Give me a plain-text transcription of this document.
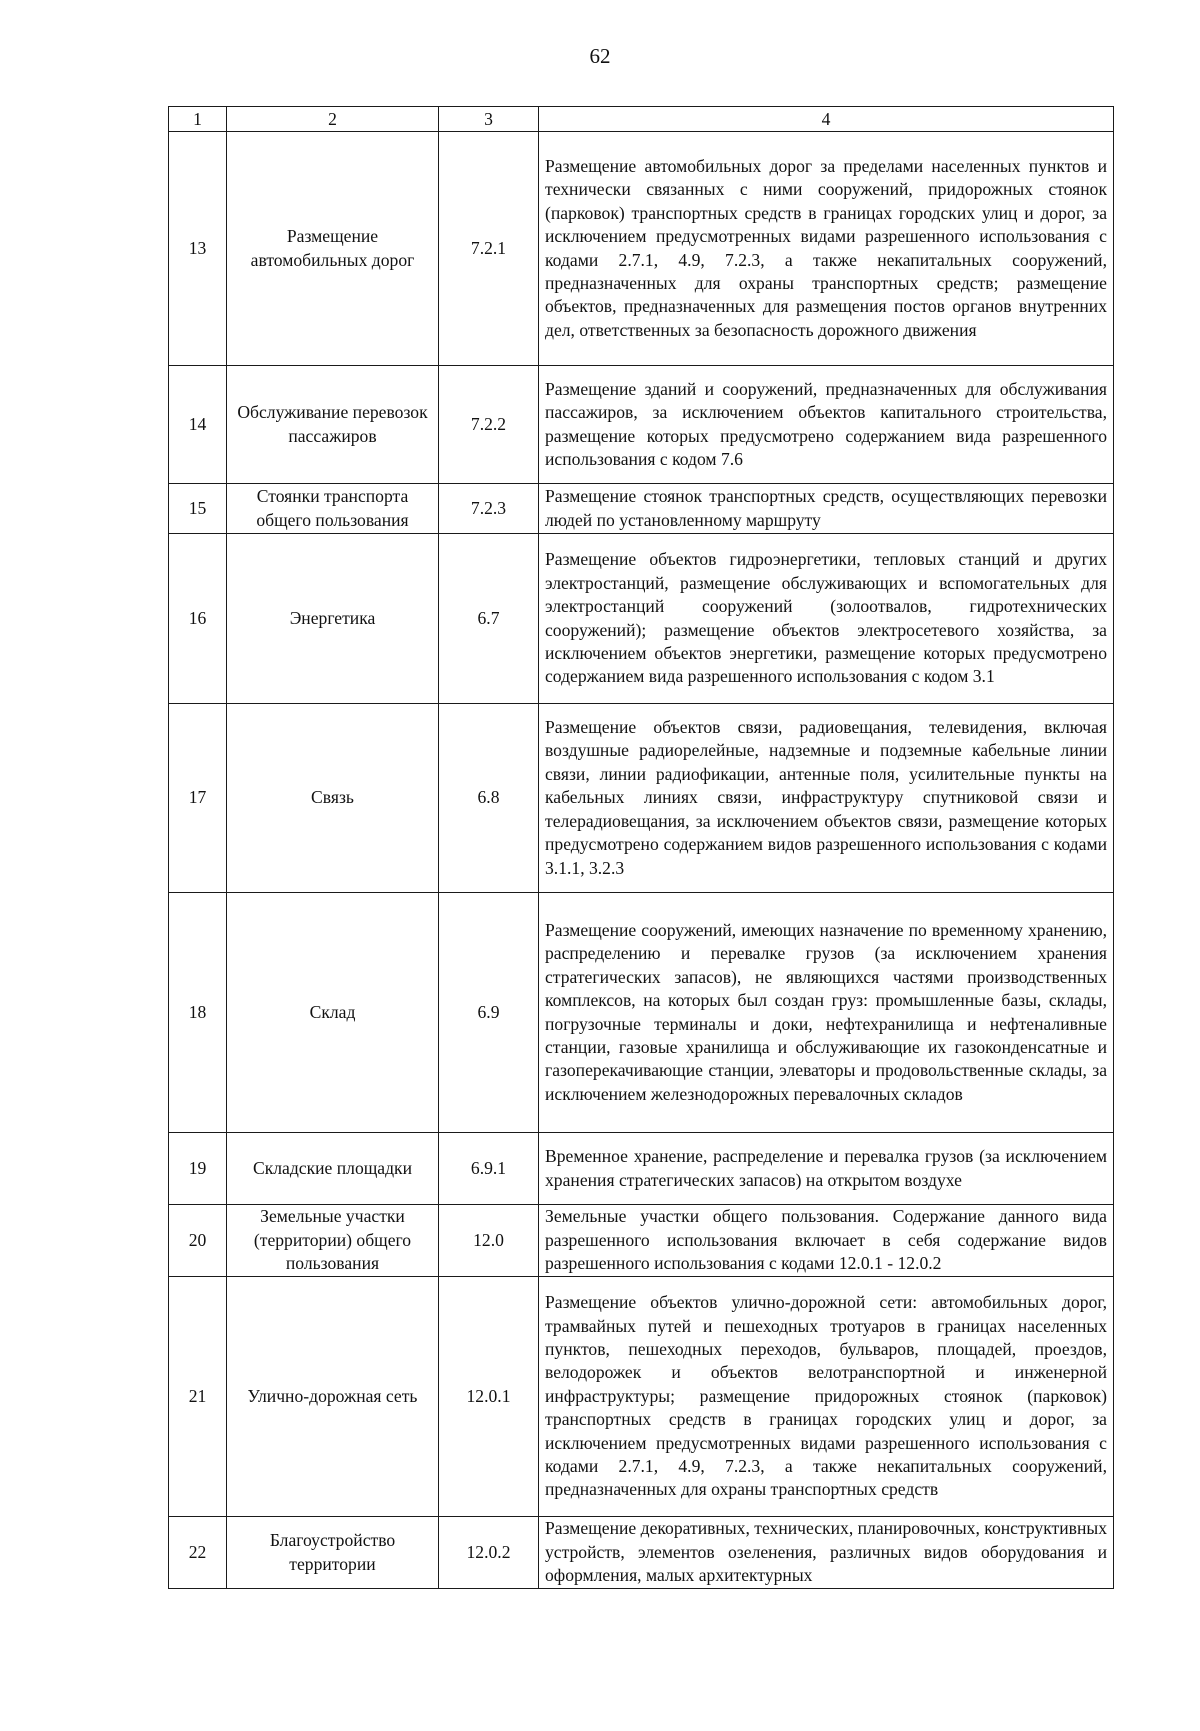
62
1	2	3	4
13	Размещение автомобильных дорог	7.2.1	Размещение автомобильных дорог за пределами населенных пунктов и технически связанных с ними сооружений, придорожных стоянок (парковок) транспортных средств в границах городских улиц и дорог, за исключением предусмотренных видами разрешенного использования с кодами 2.7.1, 4.9, 7.2.3, а также некапитальных сооружений, предназначенных для охраны транспортных средств; размещение объектов, предназначенных для размещения постов органов внутренних дел, ответственных за безопасность дорожного движения
14	Обслуживание перевозок пассажиров	7.2.2	Размещение зданий и сооружений, предназначенных для обслуживания пассажиров, за исключением объектов капитального строительства, размещение которых предусмотрено содержанием вида разрешенного использования с кодом 7.6
15	Стоянки транспорта общего пользования	7.2.3	Размещение стоянок транспортных средств, осуществляющих перевозки людей по установленному маршруту
16	Энергетика	6.7	Размещение объектов гидроэнергетики, тепловых станций и других электростанций, размещение обслуживающих и вспомогательных для электростанций сооружений (золоотвалов, гидротехнических сооружений); размещение объектов электросетевого хозяйства, за исключением объектов энергетики, размещение которых предусмотрено содержанием вида разрешенного использования с кодом 3.1
17	Связь	6.8	Размещение объектов связи, радиовещания, телевидения, включая воздушные радиорелейные, надземные и подземные кабельные линии связи, линии радиофикации, антенные поля, усилительные пункты на кабельных линиях связи, инфраструктуру спутниковой связи и телерадиовещания, за исключением объектов связи, размещение которых предусмотрено содержанием видов разрешенного использования с кодами 3.1.1, 3.2.3
18	Склад	6.9	Размещение сооружений, имеющих назначение по временному хранению, распределению и перевалке грузов (за исключением хранения стратегических запасов), не являющихся частями производственных комплексов, на которых был создан груз: промышленные базы, склады, погрузочные терминалы и доки, нефтехранилища и нефтеналивные станции, газовые хранилища и обслуживающие их газоконденсатные и газоперекачивающие станции, элеваторы и продовольственные склады, за исключением железнодорожных перевалочных складов
19	Складские площадки	6.9.1	Временное хранение, распределение и перевалка грузов (за исключением хранения стратегических запасов) на открытом воздухе
20	Земельные участки (территории) общего пользования	12.0	Земельные участки общего пользования. Содержание данного вида разрешенного использования включает в себя содержание видов разрешенного использования с кодами 12.0.1 - 12.0.2
21	Улично-дорожная сеть	12.0.1	Размещение объектов улично-дорожной сети: автомобильных дорог, трамвайных путей и пешеходных тротуаров в границах населенных пунктов, пешеходных переходов, бульваров, площадей, проездов, велодорожек и объектов велотранспортной и инженерной инфраструктуры; размещение придорожных стоянок (парковок) транспортных средств в границах городских улиц и дорог, за исключением предусмотренных видами разрешенного использования с кодами 2.7.1, 4.9, 7.2.3, а также некапитальных сооружений, предназначенных для охраны транспортных средств
22	Благоустройство территории	12.0.2	Размещение декоративных, технических, планировочных, конструктивных устройств, элементов озеленения, различных видов оборудования и оформления, малых архитектурных
